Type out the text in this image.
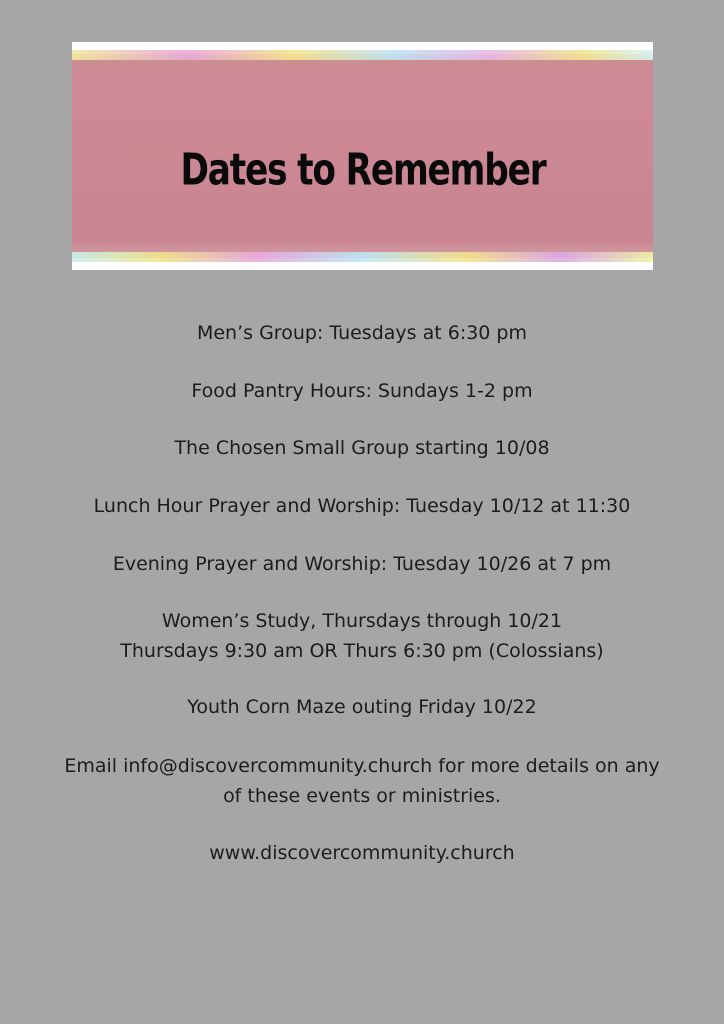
Dates to Remember
Men’s Group: Tuesdays at 6:30 pm
Food Pantry Hours: Sundays 1-2 pm
The Chosen Small Group starting 10/08
Lunch Hour Prayer and Worship: Tuesday 10/12 at 11:30
Evening Prayer and Worship: Tuesday 10/26 at 7 pm
Women’s Study, Thursdays through 10/21
Thursdays 9:30 am OR Thurs 6:30 pm (Colossians)
Youth Corn Maze outing Friday 10/22
Email info@discovercommunity.church for more details on any
of these events or ministries.
www.discovercommunity.church
